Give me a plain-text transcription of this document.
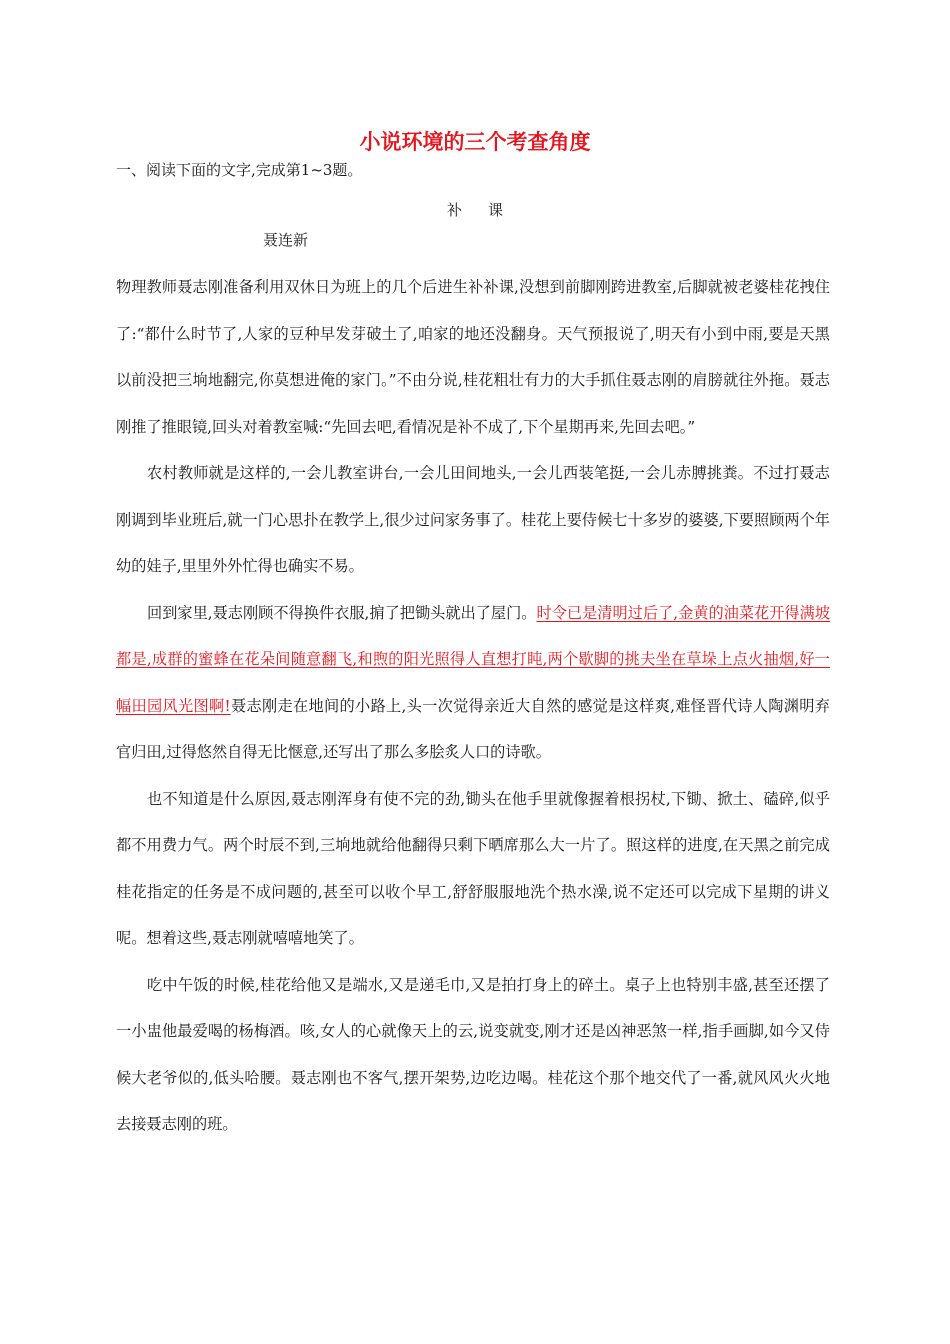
小说环境的三个考查角度

一、阅读下面的文字,完成第1~3题。

补课

聂连新

物理教师聂志刚准备利用双休日为班上的几个后进生补补课,没想到前脚刚跨进教室,后脚就被老婆桂花拽住了:“都什么时节了,人家的豆种早发芽破土了,咱家的地还没翻身。天气预报说了,明天有小到中雨,要是天黑以前没把三垧地翻完,你莫想进俺的家门。”不由分说,桂花粗壮有力的大手抓住聂志刚的肩膀就往外拖。聂志刚推了推眼镜,回头对着教室喊:“先回去吧,看情况是补不成了,下个星期再来,先回去吧。”

农村教师就是这样的,一会儿教室讲台,一会儿田间地头,一会儿西装笔挺,一会儿赤膊挑粪。不过打聂志刚调到毕业班后,就一门心思扑在教学上,很少过问家务事了。桂花上要侍候七十多岁的婆婆,下要照顾两个年幼的娃子,里里外外忙得也确实不易。

回到家里,聂志刚顾不得换件衣服,掮了把锄头就出了屋门。时令已是清明过后了,金黄的油菜花开得满坡都是,成群的蜜蜂在花朵间随意翻飞,和煦的阳光照得人直想打盹,两个歇脚的挑夫坐在草垛上点火抽烟,好一幅田园风光图啊!聂志刚走在地间的小路上,头一次觉得亲近大自然的感觉是这样爽,难怪晋代诗人陶渊明弃官归田,过得悠然自得无比惬意,还写出了那么多脍炙人口的诗歌。

也不知道是什么原因,聂志刚浑身有使不完的劲,锄头在他手里就像握着根拐杖,下锄、掀土、磕碎,似乎都不用费力气。两个时辰不到,三垧地就给他翻得只剩下晒席那么大一片了。照这样的进度,在天黑之前完成桂花指定的任务是不成问题的,甚至可以收个早工,舒舒服服地洗个热水澡,说不定还可以完成下星期的讲义呢。想着这些,聂志刚就嘻嘻地笑了。

吃中午饭的时候,桂花给他又是端水,又是递毛巾,又是拍打身上的碎土。桌子上也特别丰盛,甚至还摆了一小盅他最爱喝的杨梅酒。咳,女人的心就像天上的云,说变就变,刚才还是凶神恶煞一样,指手画脚,如今又侍候大老爷似的,低头哈腰。聂志刚也不客气,摆开架势,边吃边喝。桂花这个那个地交代了一番,就风风火火地去接聂志刚的班。
